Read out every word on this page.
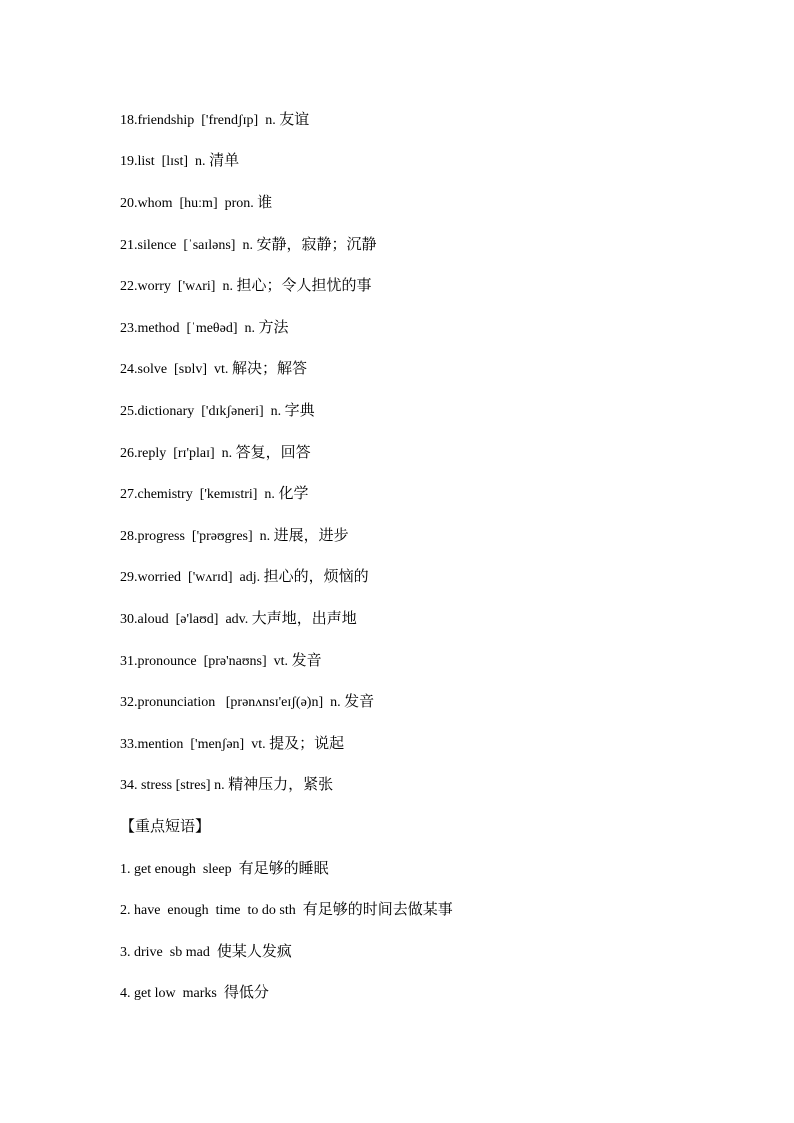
18.friendship  ['frendʃɪp]  n. 友谊
19.list  [lɪst]  n. 清单
20.whom  [huːm]  pron. 谁
21.silence  [ˈsaɪləns]  n. 安静，寂静；沉静
22.worry  ['wʌri]  n. 担心；令人担忧的事
23.method  [ˈmeθəd]  n. 方法
24.solve  [sɒlv]  vt. 解决；解答
25.dictionary  ['dɪkʃəneri]  n. 字典
26.reply  [rɪ'plaɪ]  n. 答复，回答
27.chemistry  ['kemɪstri]  n. 化学
28.progress  ['prəʊgres]  n. 进展，进步
29.worried  ['wʌrɪd]  adj. 担心的，烦恼的
30.aloud  [ə'laʊd]  adv. 大声地，出声地
31.pronounce  [prə'naʊns]  vt. 发音
32.pronunciation   [prənʌnsɪ'eɪʃ(ə)n]  n. 发音
33.mention  ['menʃən]  vt. 提及；说起
34. stress [stres] n. 精神压力，紧张
【重点短语】
1. get enough  sleep  有足够的睡眠
2. have  enough  time  to do sth  有足够的时间去做某事
3. drive  sb mad  使某人发疯
4. get low  marks  得低分
